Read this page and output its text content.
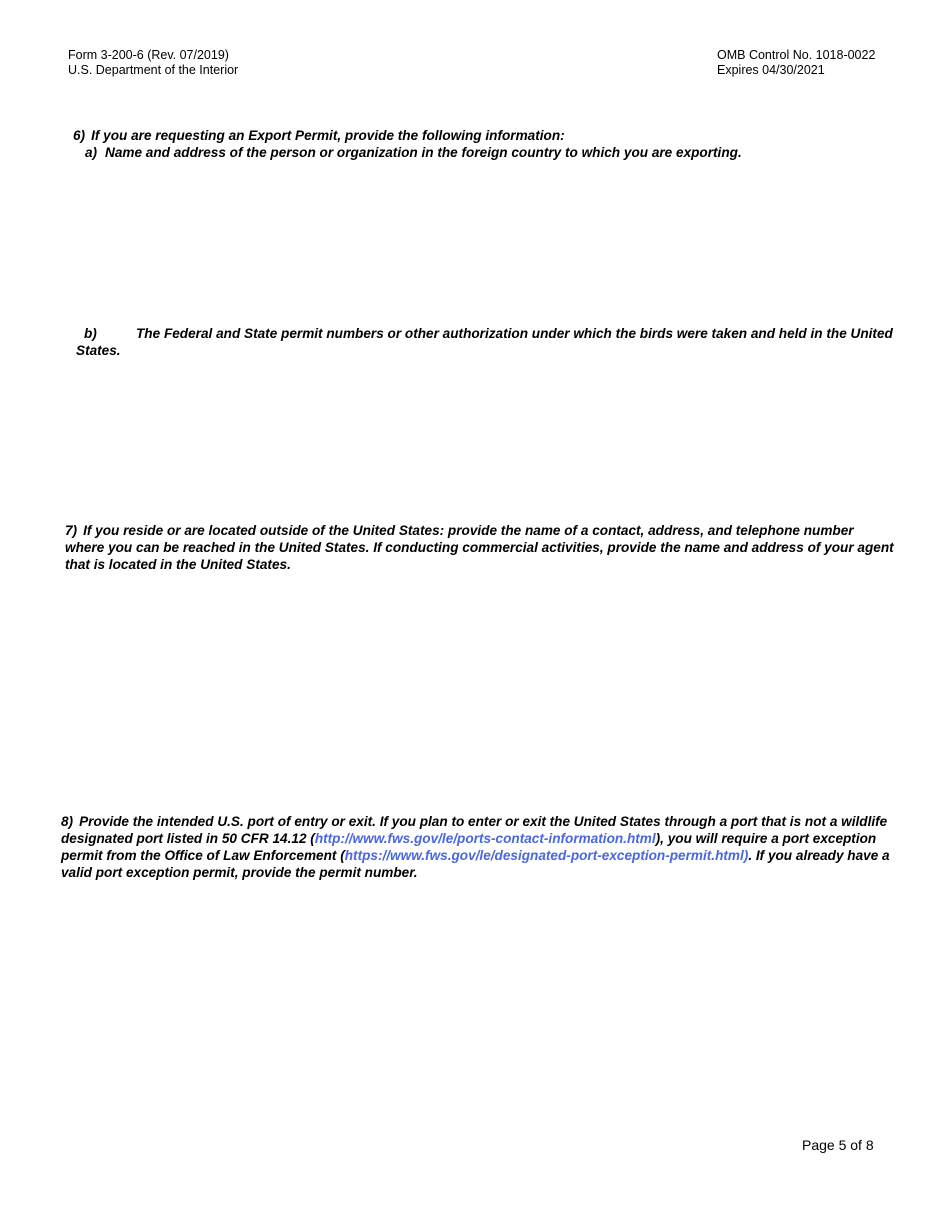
Form 3-200-6 (Rev. 07/2019)
U.S. Department of the Interior
OMB Control No. 1018-0022
Expires 04/30/2021
6) If you are requesting an Export Permit, provide the following information:
a) Name and address of the person or organization in the foreign country to which you are exporting.
b)	The Federal and State permit numbers or other authorization under which the birds were taken and held in the United States.
7) If you reside or are located outside of the United States: provide the name of a contact, address, and telephone number where you can be reached in the United States. If conducting commercial activities, provide the name and address of your agent that is located in the United States.
8) Provide the intended U.S. port of entry or exit. If you plan to enter or exit the United States through a port that is not a wildlife designated port listed in 50 CFR 14.12 (http://www.fws.gov/le/ports-contact-information.html), you will require a port exception permit from the Office of Law Enforcement (https://www.fws.gov/le/designated-port-exception-permit.html). If you already have a valid port exception permit, provide the permit number.
Page 5 of 8
